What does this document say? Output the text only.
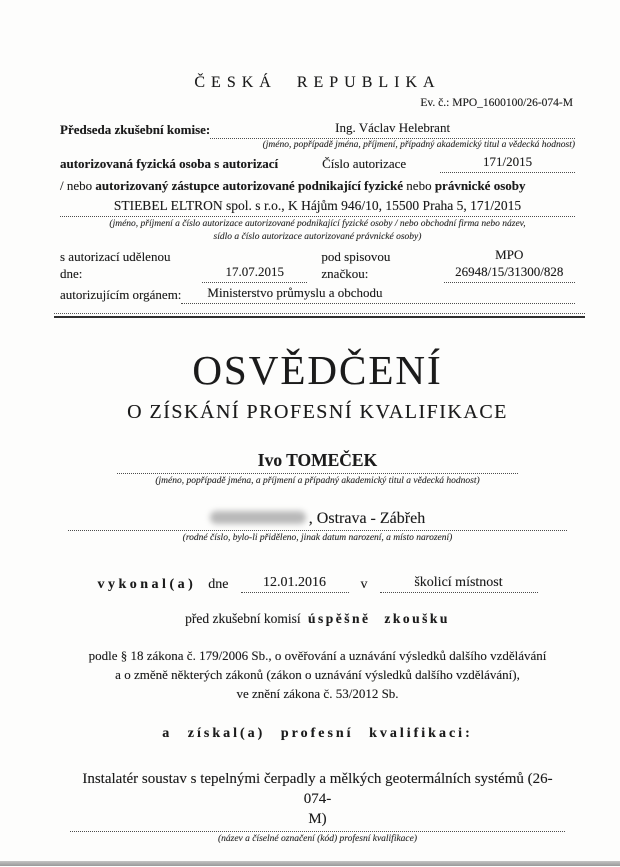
ČESKÁ REPUBLIKA
Ev. č.: MPO_1600100/26-074-M
Předseda zkušební komise:	Ing. Václav Helebrant
(jméno, popřípadě jména, příjmení, případný akademický titul a vědecká hodnost)
autorizovaná fyzická osoba s autorizací	Číslo autorizace	171/2015
/ nebo autorizovaný zástupce autorizované podnikající fyzické nebo právnické osoby
STIEBEL ELTRON spol. s r.o., K Hájům 946/10, 15500 Praha 5, 171/2015
(jméno, příjmení a číslo autorizace autorizované podnikající fyzické osoby / nebo obchodní firma nebo název,
sídlo a číslo autorizace autorizované právnické osoby)
s autorizací udělenou dne:	17.07.2015
pod spisovou značkou:
MPO 26948/15/31300/828
autorizujícím orgánem:	Ministerstvo průmyslu a obchodu
OSVĚDČENÍ
O ZÍSKÁNÍ PROFESNÍ KVALIFIKACE
Ivo TOMEČEK
(jméno, popřípadě jména, a příjmení a případný akademický titul a vědecká hodnost)
, Ostrava - Zábřeh
(rodné číslo, bylo-li přiděleno, jinak datum narození, a místo narození)
vykonal(a) dne	12.01.2016	v	školicí místnost
před zkušební komisí úspěšně zkoušku
podle § 18 zákona č. 179/2006 Sb., o ověřování a uznávání výsledků dalšího vzdělávání
a o změně některých zákonů (zákon o uznávání výsledků dalšího vzdělávání),
ve znění zákona č. 53/2012 Sb.
a získal(a) profesní kvalifikaci:
Instalatér soustav s tepelnými čerpadly a mělkých geotermálních systémů (26-074-
M)
(název a číselné označení (kód) profesní kvalifikace)
